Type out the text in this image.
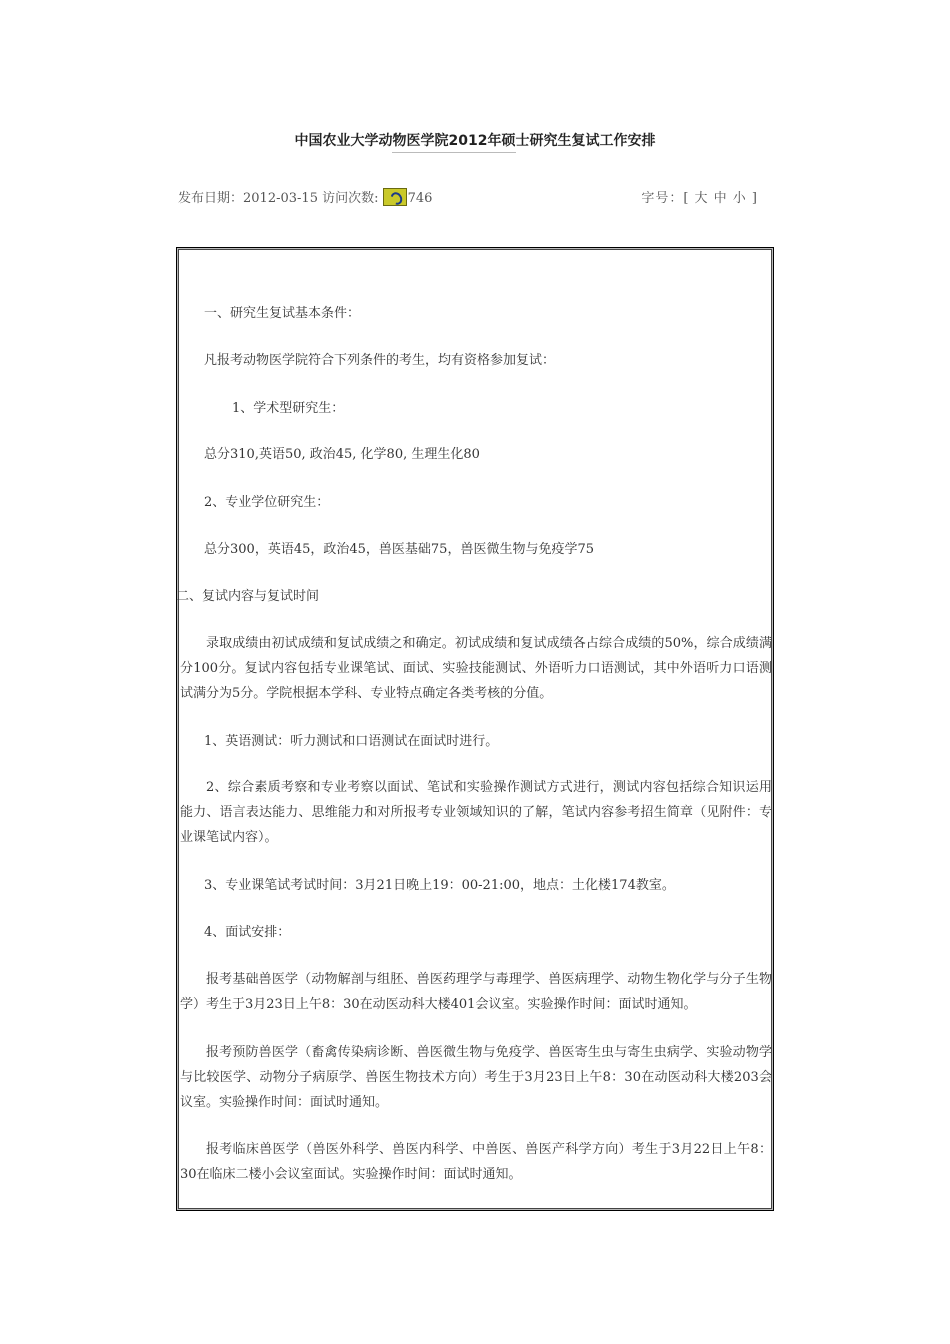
中国农业大学动物医学院2012年硕士研究生复试工作安排
发布日期：2012-03-15 访问次数: 746	字号：[ 大 中 小 ]

一、研究生复试基本条件：

凡报考动物医学院符合下列条件的考生，均有资格参加复试：

1、学术型研究生：

总分310,英语50, 政治45, 化学80, 生理生化80

2、专业学位研究生：

总分300，英语45，政治45，兽医基础75，兽医微生物与免疫学75

二、复试内容与复试时间

录取成绩由初试成绩和复试成绩之和确定。初试成绩和复试成绩各占综合成绩的50%，综合成绩满分100分。复试内容包括专业课笔试、面试、实验技能测试、外语听力口语测试，其中外语听力口语测试满分为5分。学院根据本学科、专业特点确定各类考核的分值。

1、英语测试：听力测试和口语测试在面试时进行。

2、综合素质考察和专业考察以面试、笔试和实验操作测试方式进行，测试内容包括综合知识运用能力、语言表达能力、思维能力和对所报考专业领域知识的了解，笔试内容参考招生简章（见附件：专业课笔试内容）。

3、专业课笔试考试时间：3月21日晚上19：00-21:00，地点：土化楼174教室。

4、面试安排：

报考基础兽医学（动物解剖与组胚、兽医药理学与毒理学、兽医病理学、动物生物化学与分子生物学）考生于3月23日上午8：30在动医动科大楼401会议室。实验操作时间：面试时通知。

报考预防兽医学（畜禽传染病诊断、兽医微生物与免疫学、兽医寄生虫与寄生虫病学、实验动物学与比较医学、动物分子病原学、兽医生物技术方向）考生于3月23日上午8：30在动医动科大楼203会议室。实验操作时间：面试时通知。

报考临床兽医学（兽医外科学、兽医内科学、中兽医、兽医产科学方向）考生于3月22日上午8：30在临床二楼小会议室面试。实验操作时间：面试时通知。
